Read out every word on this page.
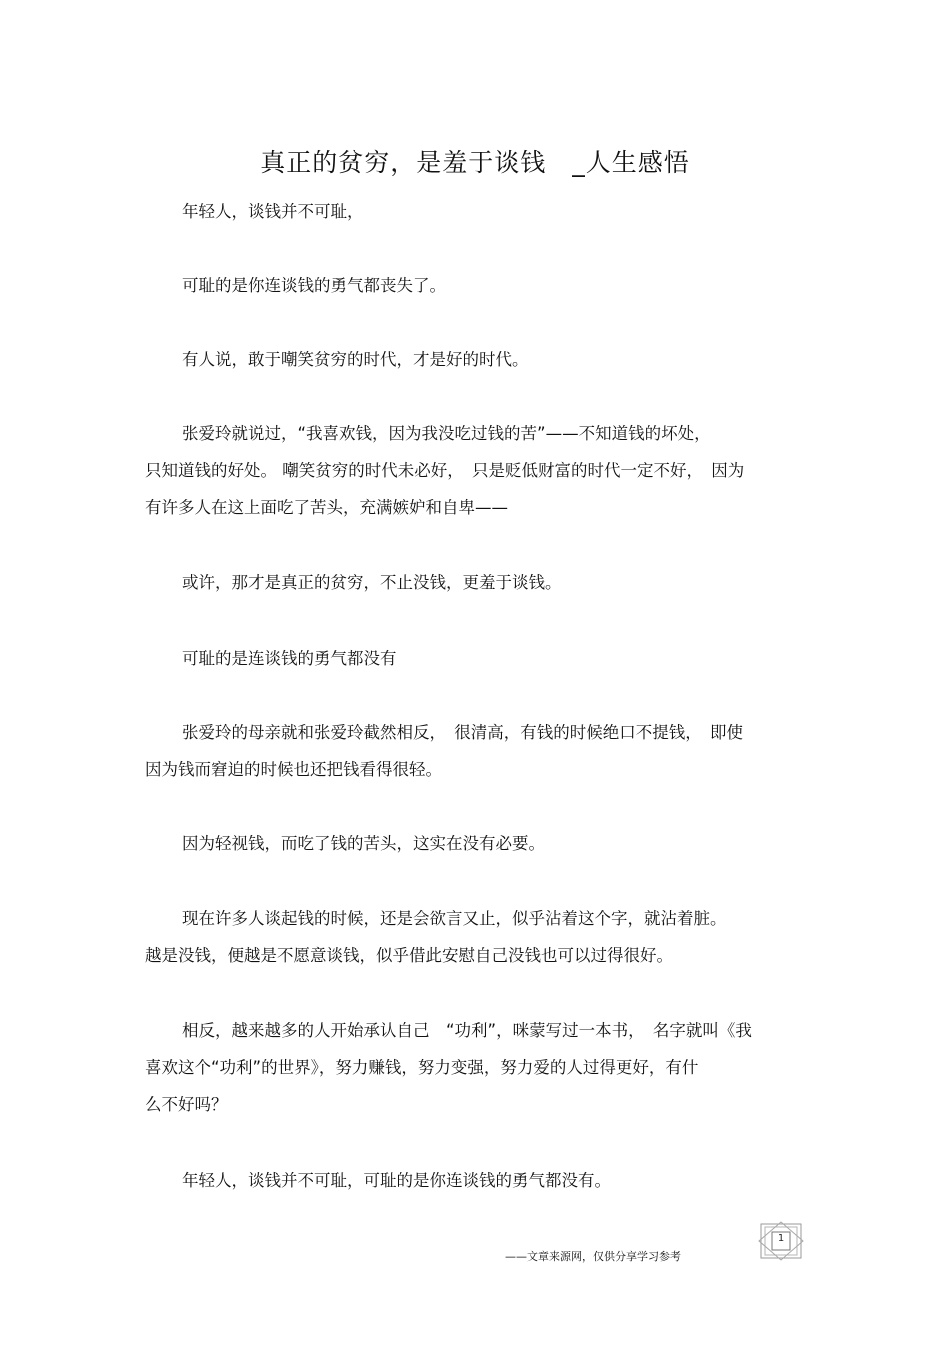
真正的贫穷，是羞于谈钱　_人生感悟
年轻人，谈钱并不可耻，
可耻的是你连谈钱的勇气都丧失了。
有人说，敢于嘲笑贫穷的时代，才是好的时代。
张爱玲就说过，“我喜欢钱，因为我没吃过钱的苦”——不知道钱的坏处，
只知道钱的好处。 嘲笑贫穷的时代未必好，　只是贬低财富的时代一定不好，　因为
有许多人在这上面吃了苦头，充满嫉妒和自卑——
或许，那才是真正的贫穷，不止没钱，更羞于谈钱。
可耻的是连谈钱的勇气都没有
张爱玲的母亲就和张爱玲截然相反，　很清高，有钱的时候绝口不提钱，　即使
因为钱而窘迫的时候也还把钱看得很轻。
因为轻视钱，而吃了钱的苦头，这实在没有必要。
现在许多人谈起钱的时候，还是会欲言又止，似乎沾着这个字，就沾着脏。
越是没钱，便越是不愿意谈钱，似乎借此安慰自己没钱也可以过得很好。
相反，越来越多的人开始承认自己　“功利”，咪蒙写过一本书，　名字就叫《我
喜欢这个“功利”的世界》，努力赚钱，努力变强，努力爱的人过得更好，有什
么不好吗？
年轻人，谈钱并不可耻，可耻的是你连谈钱的勇气都没有。
——文章来源网，仅供分享学习参考
1
